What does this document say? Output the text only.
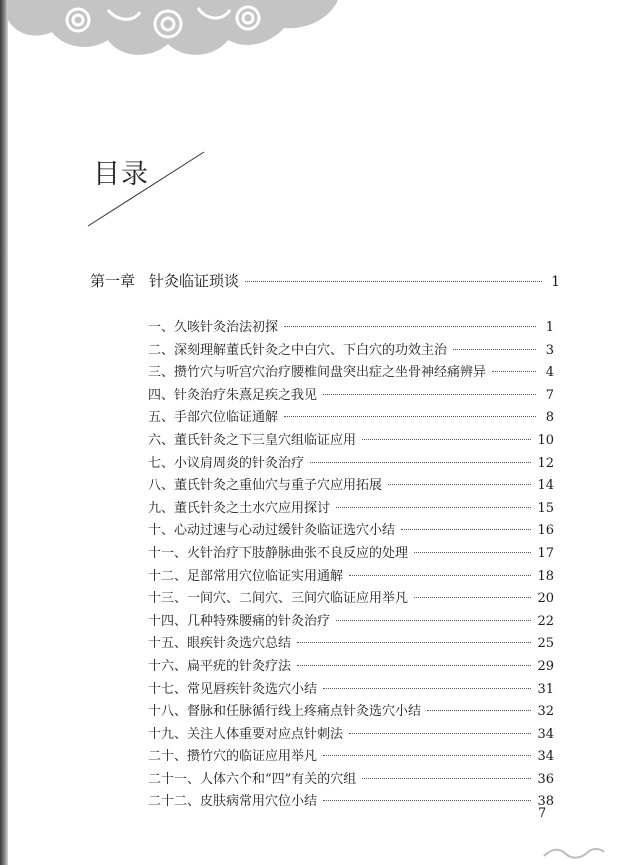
目录
第一章 针灸临证琐谈	1
一、久咳针灸治法初探	1
二、深刻理解董氏针灸之中白穴、下白穴的功效主治	3
三、攒竹穴与听宫穴治疗腰椎间盘突出症之坐骨神经痛辨异	4
四、针灸治疗朱熹足疾之我见	7
五、手部穴位临证通解	8
六、董氏针灸之下三皇穴组临证应用	10
七、小议肩周炎的针灸治疗	12
八、董氏针灸之重仙穴与重子穴应用拓展	14
九、董氏针灸之土水穴应用探讨	15
十、心动过速与心动过缓针灸临证选穴小结	16
十一、火针治疗下肢静脉曲张不良反应的处理	17
十二、足部常用穴位临证实用通解	18
十三、一间穴、二间穴、三间穴临证应用举凡	20
十四、几种特殊腰痛的针灸治疗	22
十五、眼疾针灸选穴总结	25
十六、扁平疣的针灸疗法	29
十七、常见唇疾针灸选穴小结	31
十八、督脉和任脉循行线上疼痛点针灸选穴小结	32
十九、关注人体重要对应点针刺法	34
二十、攒竹穴的临证应用举凡	34
二十一、人体六个和“四”有关的穴组	36
二十二、皮肤病常用穴位小结	38
7
